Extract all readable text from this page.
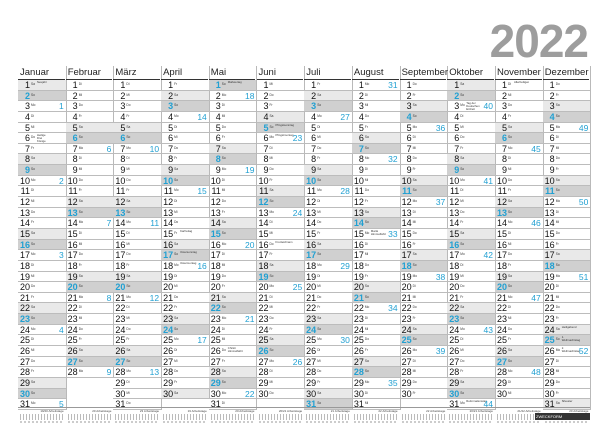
2022
Januar
1 Sa Neujahr
2 So
3 Mo	1
4 Di
5 Mi
6 Do Heilige Drei Könige
7 Fr
8 Sa
9 So
10 Mo	2
11 Di
12 Mi
13 Do
14 Fr
15 Sa
16 So
17 Mo	3
18 Di
19 Mi
20 Do
21 Fr
22 Sa
23 So
24 Mo	4
25 Di
26 Mi
27 Do
28 Fr
29 Sa
30 So
31 Mo	5
Februar
1 Di
2 Mi
3 Do
4 Fr
5 Sa
6 So
7 Mo	6
8 Di
9 Mi
10 Do
11 Fr
12 Sa
13 So
14 Mo	7
15 Di
16 Mi
17 Do
18 Fr
19 Sa
20 So
21 Mo	8
22 Di
23 Mi
24 Do
25 Fr
26 Sa
27 So
28 Mo	9
März
1 Di
2 Mi
3 Do
4 Fr
5 Sa
6 So
7 Mo 10
8 Di
9 Mi
10 Do
11 Fr
12 Sa
13 So
14 Mo 11
15 Di
16 Mi
17 Do
18 Fr
19 Sa
20 So
21 Mo 12
22 Di
23 Mi
24 Do
25 Fr
26 Sa
27 So
28 Mo 13
29 Di
30 Mi
31 Do
April
1 Fr
2 Sa
3 So
4 Mo 14
5 Di
6 Mi
7 Do
8 Fr
9 Sa
10 So
11 Mo 15
12 Di
13 Mi
14 Do
15 Fr Karfreitag
16 Sa
17 So Ostersonntag
18 Mo Ostermontag 16
19 Di
20 Mi
21 Do
22 Fr
23 Sa
24 So
25 Mo 17
26 Di
27 Mi
28 Do
29 Fr
30 Sa
Mai
1 So Maifeiertag
2 Mo 18
3 Di
4 Mi
5 Do
6 Fr
7 Sa
8 So
9 Mo 19
10 Di
11 Mi
12 Do
13 Fr
14 Sa
15 So
16 Mo 20
17 Di
18 Mi
19 Do
20 Fr
21 Sa
22 So
23 Mo 21
24 Di
25 Mi
26 Do Christi Himmelfahrt
27 Fr
28 Sa
29 So
30 Mo 22
31 Di
Juni
1 Mi
2 Do
3 Fr
4 Sa
5 So Pfingstsonntag
6 Mo Pfingstmontag 23
7 Di
8 Mi
9 Do
10 Fr
11 Sa
12 So
13 Mo 24
14 Di
15 Mi
16 Do Fronleichnam
17 Fr
18 Sa
19 So
20 Mo 25
21 Di
22 Mi
23 Do
24 Fr
25 Sa
26 So
27 Mo 26
28 Di
29 Mi
30 Do
Juli
1 Fr
2 Sa
3 So
4 Mo 27
5 Di
6 Mi
7 Do
8 Fr
9 Sa
10 So
11 Mo 28
12 Di
13 Mi
14 Do
15 Fr
16 Sa
17 So
18 Mo 29
19 Di
20 Mi
21 Do
22 Fr
23 Sa
24 So
25 Mo 30
26 Di
27 Mi
28 Do
29 Fr
30 Sa
31 So
August
1 Mo 31
2 Di
3 Mi
4 Do
5 Fr
6 Sa
7 So
8 Mo 32
9 Di
10 Mi
11 Do
12 Fr
13 Sa
14 So
15 Mo Mariä Himmelfahrt 33
16 Di
17 Mi
18 Do
19 Fr
20 Sa
21 So
22 Mo 34
23 Di
24 Mi
25 Do
26 Fr
27 Sa
28 So
29 Mo 35
30 Di
31 Mi
September
1 Do
2 Fr
3 Sa
4 So
5 Mo 36
6 Di
7 Mi
8 Do
9 Fr
10 Sa
11 So
12 Mo 37
13 Di
14 Mi
15 Do
16 Fr
17 Sa
18 So
19 Mo 38
20 Di
21 Mi
22 Do
23 Fr
24 Sa
25 So
26 Mo 39
27 Di
28 Mi
29 Do
30 Fr
Oktober
1 Sa
2 So
3 Mo Tag der Deutschen Einheit	40
4 Di
5 Mi
6 Do
7 Fr
8 Sa
9 So
10 Mo 41
11 Di
12 Mi
13 Do
14 Fr
15 Sa
16 So
17 Mo 42
18 Di
19 Mi
20 Do
21 Fr
22 Sa
23 So
24 Mo 43
25 Di
26 Mi
27 Do
28 Fr
29 Sa
30 So
31 Mo Reformationstag
44
November
1 Di Allerheiligen
2 Mi
3 Do
4 Fr
5 Sa
6 So
7 Mo 45
8 Di
9 Mi
10 Do
11 Fr
12 Sa
13 So
14 Mo 46
15 Di
16 Mi
17 Do
18 Fr
19 Sa
20 So
21 Mo 47
22 Di
23 Mi
24 Do
25 Fr
26 Sa
27 So
28 Mo 48
29 Di
30 Mi
Dezember
1 Do
2 Fr
3 Sa
4 So
5 Mo 49
6 Di
7 Mi
8 Do
9 Fr
10 Sa
11 So
12 Mo 50
13 Di
14 Mi
15 Do
16 Fr
17 Sa
18 So
19 Mo 51
20 Di
21 Mi
22 Do
23 Fr
24 Sa Heiligabend
25 So 1. Weihnachtstag
26 Mo 2. Weihnachtstag
52
27 Di
28 Mi
29 Do
30 Fr
31 Sa Silvester
19/20 Arbeitstage	20 Arbeitstage	23 Arbeitstage	19 Arbeitstage	20 Arbeitstage	20/21 Arbeitstage	21 Arbeitstage	22 Arbeitstage	22 Arbeitstage	20/21 Arbeitstage	21/22 Arbeitstage	20 Arbeitstage
ZWECKFORM
